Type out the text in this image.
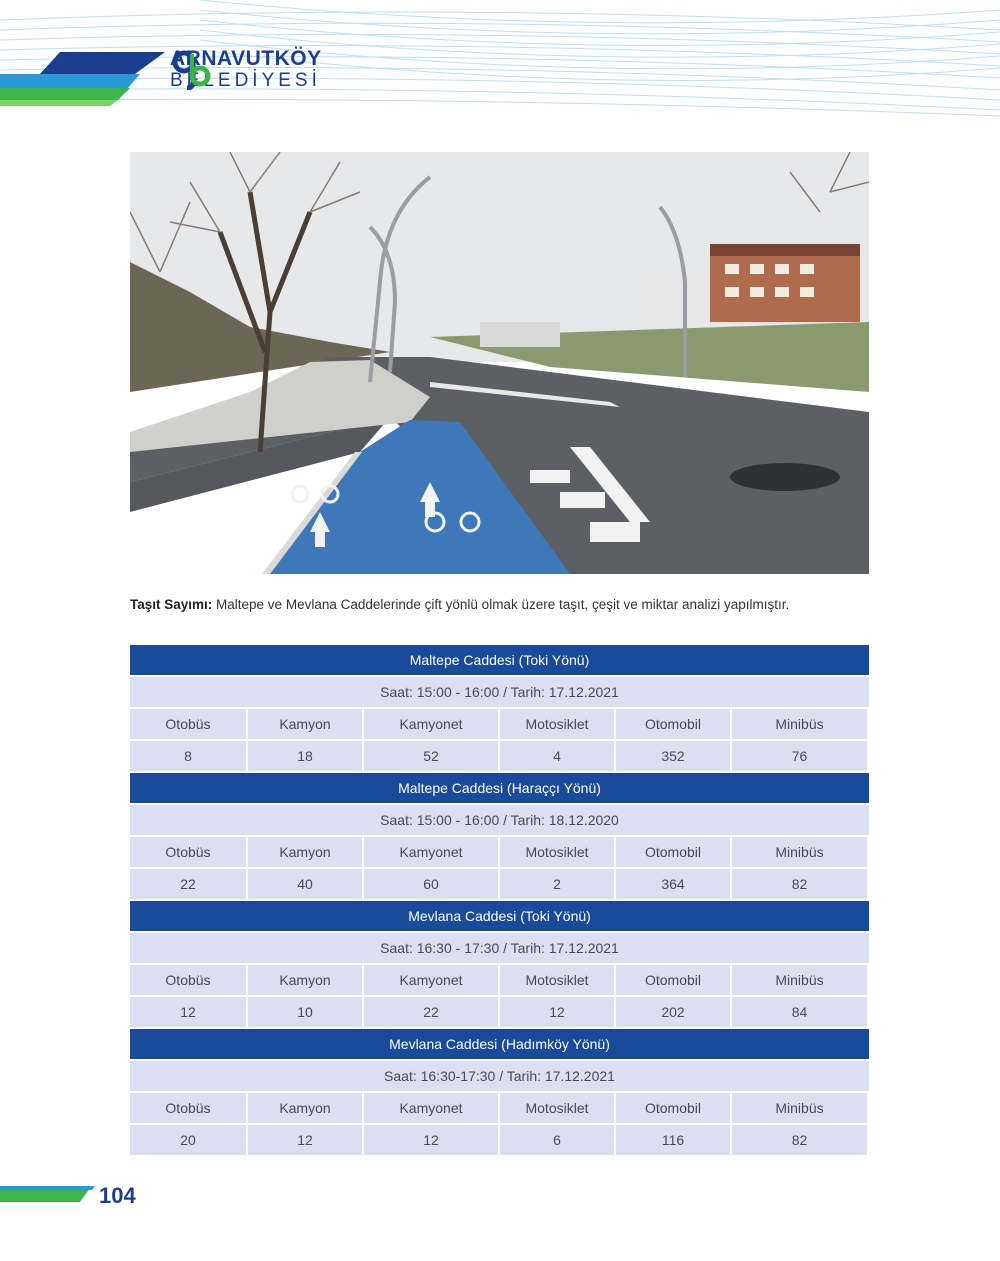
ARNAVUTKÖY
BELEDİYESİ
Taşıt Sayımı: Maltepe ve Mevlana Caddelerinde çift yönlü olmak üzere taşıt, çeşit ve miktar analizi yapılmıştır.
Maltepe Caddesi (Toki Yönü)
Saat: 15:00 - 16:00 / Tarih: 17.12.2021
Otobüs	Kamyon	Kamyonet	Motosiklet	Otomobil	Minibüs
8	18	52	4	352	76
Maltepe Caddesi (Haraççı Yönü)
Saat: 15:00 - 16:00 / Tarih: 18.12.2020
Otobüs	Kamyon	Kamyonet	Motosiklet	Otomobil	Minibüs
22	40	60	2	364	82
Mevlana Caddesi (Toki Yönü)
Saat: 16:30 - 17:30 / Tarih: 17.12.2021
Otobüs	Kamyon	Kamyonet	Motosiklet	Otomobil	Minibüs
12	10	22	12	202	84
Mevlana Caddesi (Hadımköy Yönü)
Saat: 16:30-17:30 / Tarih: 17.12.2021
Otobüs	Kamyon	Kamyonet	Motosiklet	Otomobil	Minibüs
20	12	12	6	116	82
104
